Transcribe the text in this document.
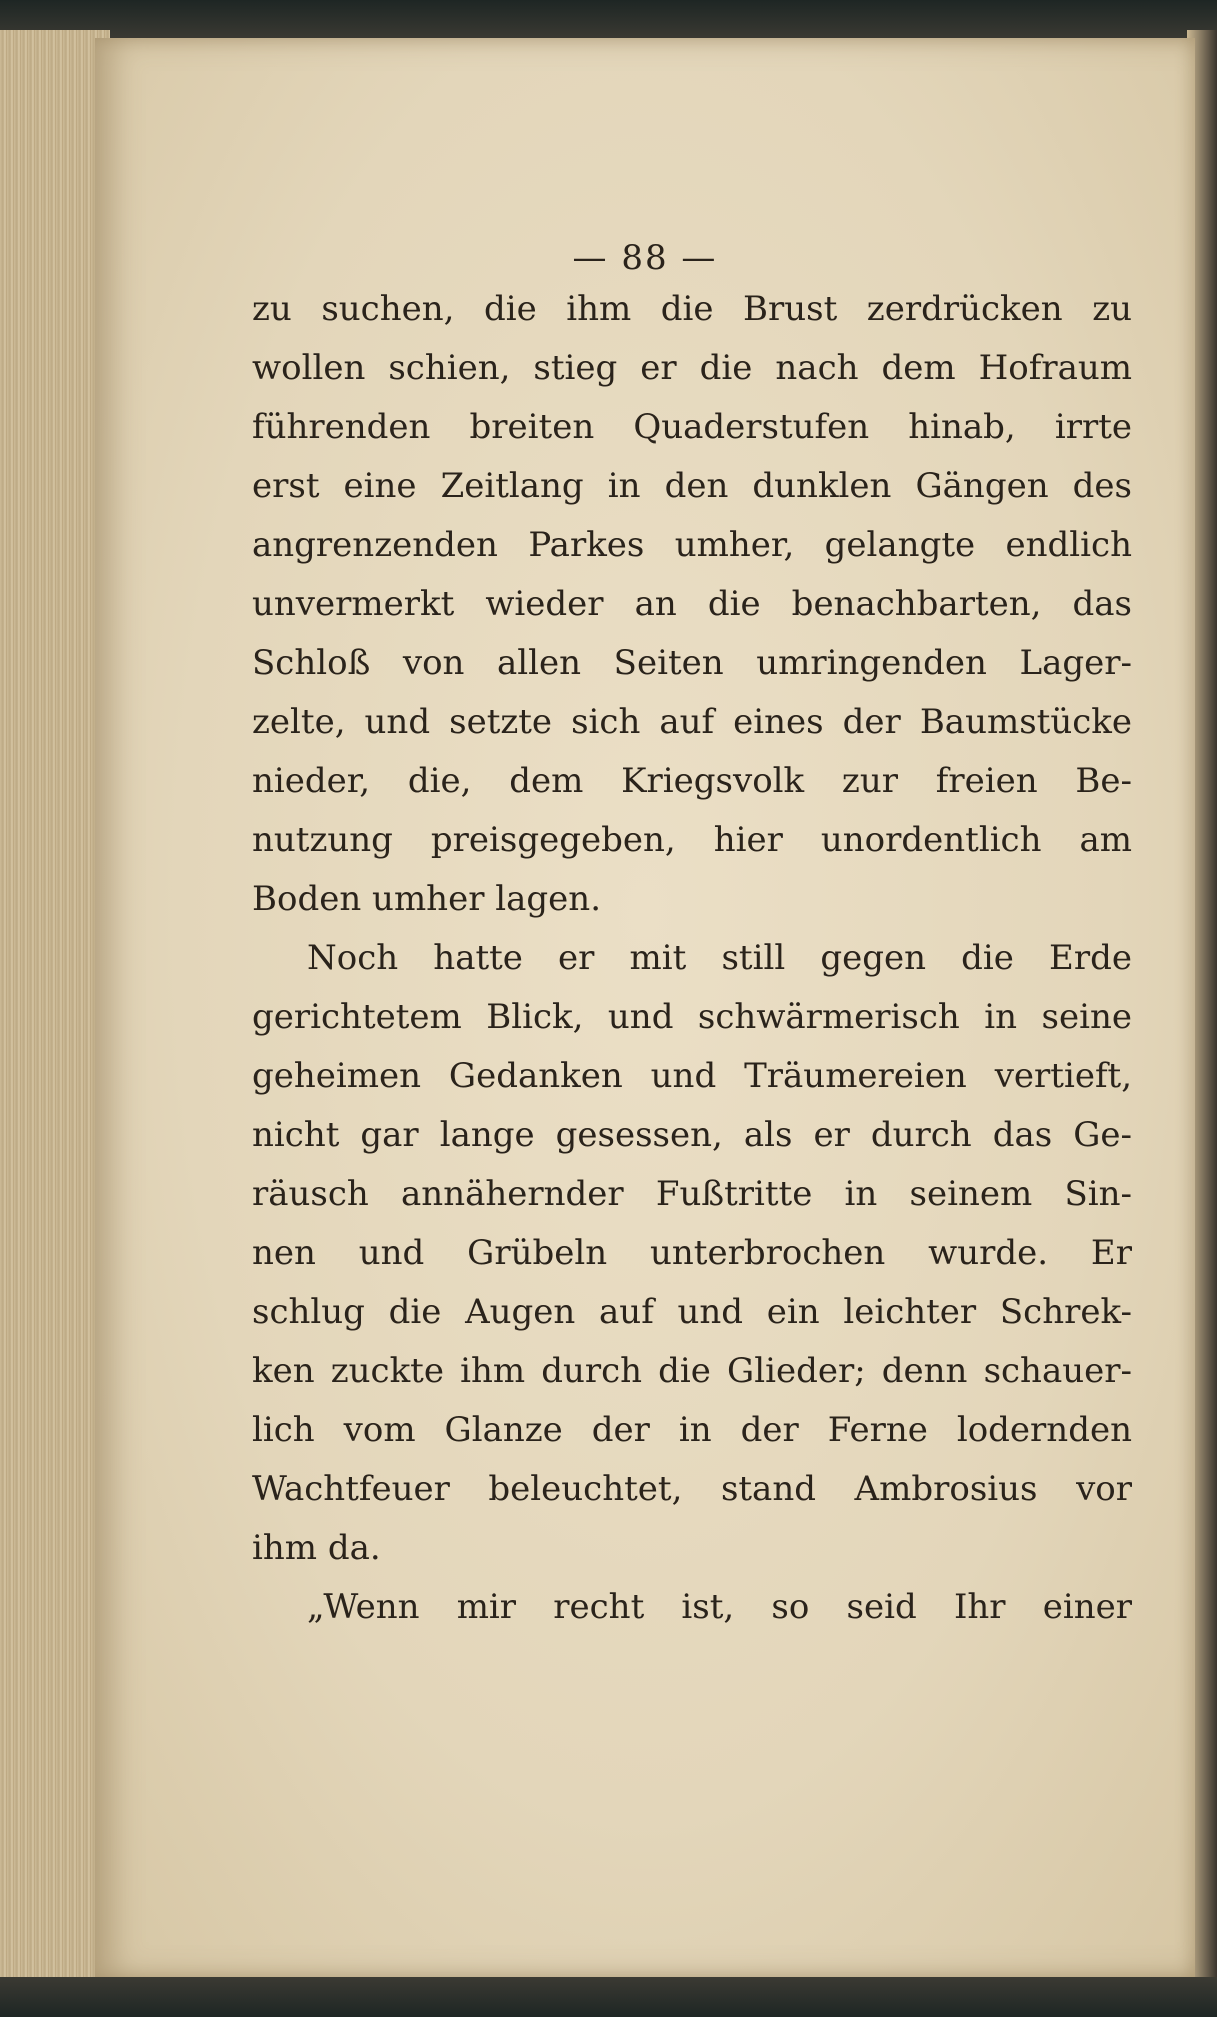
— 88 —
zu suchen, die ihm die Brust zerdrücken zu
wollen schien, stieg er die nach dem Hofraum
führenden breiten Quaderstufen hinab, irrte
erst eine Zeitlang in den dunklen Gängen des
angrenzenden Parkes umher, gelangte endlich
unvermerkt wieder an die benachbarten, das
Schloß von allen Seiten umringenden Lager-
zelte, und setzte sich auf eines der Baumstücke
nieder, die, dem Kriegsvolk zur freien Be-
nutzung preisgegeben, hier unordentlich am
Boden umher lagen.
Noch hatte er mit still gegen die Erde
gerichtetem Blick, und schwärmerisch in seine
geheimen Gedanken und Träumereien vertieft,
nicht gar lange gesessen, als er durch das Ge-
räusch annähernder Fußtritte in seinem Sin-
nen und Grübeln unterbrochen wurde. Er
schlug die Augen auf und ein leichter Schrek-
ken zuckte ihm durch die Glieder; denn schauer-
lich vom Glanze der in der Ferne lodernden
Wachtfeuer beleuchtet, stand Ambrosius vor
ihm da.
„Wenn mir recht ist, so seid Ihr einer
